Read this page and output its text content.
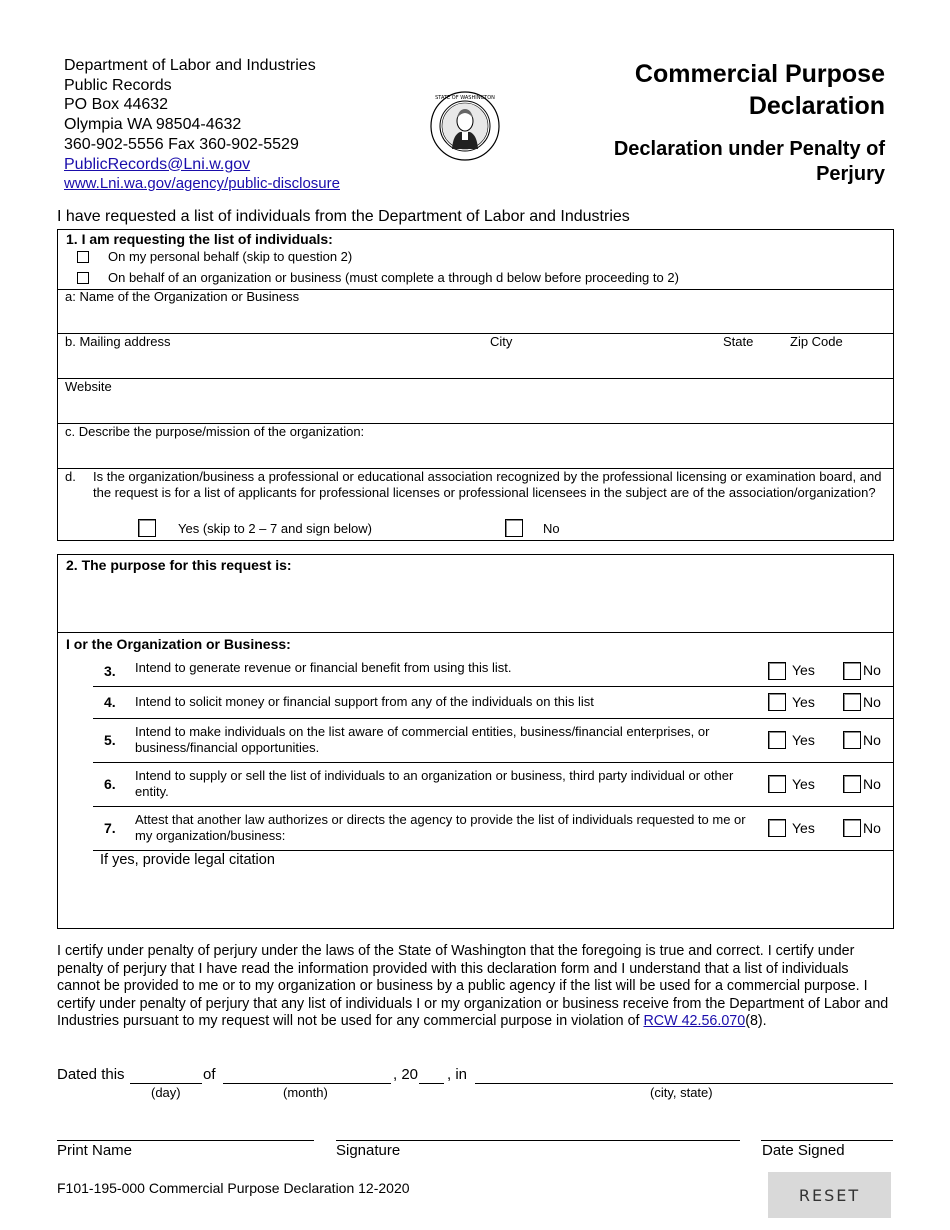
Department of Labor and Industries
Public Records
PO Box 44632
Olympia WA 98504-4632
360-902-5556 Fax 360-902-5529
PublicRecords@Lni.w.gov
www.Lni.wa.gov/agency/public-disclosure
STATE OF WASHINGTON
Commercial Purpose Declaration
Declaration under Penalty of Perjury
I have requested a list of individuals from the Department of Labor and Industries
1. I am requesting the list of individuals:
On my personal behalf (skip to question 2)
On behalf of an organization or business (must complete a through d below before proceeding to 2)
a: Name of the Organization or Business
b. Mailing address	City	State	Zip Code
Website
c. Describe the purpose/mission of the organization:
d. Is the organization/business a professional or educational association recognized by the professional licensing or examination board, and the request is for a list of applicants for professional licenses or professional licensees in the subject are of the association/organization?
Yes (skip to 2 – 7 and sign below)	No
2. The purpose for this request is:
I or the Organization or Business:
3. Intend to generate revenue or financial benefit from using this list.	Yes	No
4. Intend to solicit money or financial support from any of the individuals on this list	Yes	No
5.
Intend to make individuals on the list aware of commercial entities, business/financial enterprises, or business/financial opportunities.	Yes	No
6.
Intend to supply or sell the list of individuals to an organization or business, third party individual or other entity.	Yes	No
7.
Attest that another law authorizes or directs the agency to provide the list of individuals requested to me or my organization/business:	Yes	No
If yes, provide legal citation
I certify under penalty of perjury under the laws of the State of Washington that the foregoing is true and correct. I certify under penalty of perjury that I have read the information provided with this declaration form and I understand that a list of individuals cannot be provided to me or to my organization or business by a public agency if the list will be used for a commercial purpose. I certify under penalty of perjury that any list of individuals I or my organization or business receive from the Department of Labor and Industries pursuant to my request will not be used for any commercial purpose in violation of RCW 42.56.070(8).
Dated this	of	, 20 , in
(day)	(month)	(city, state)
Print Name	Signature	Date Signed
F101-195-000 Commercial Purpose Declaration 12-2020	RESET
